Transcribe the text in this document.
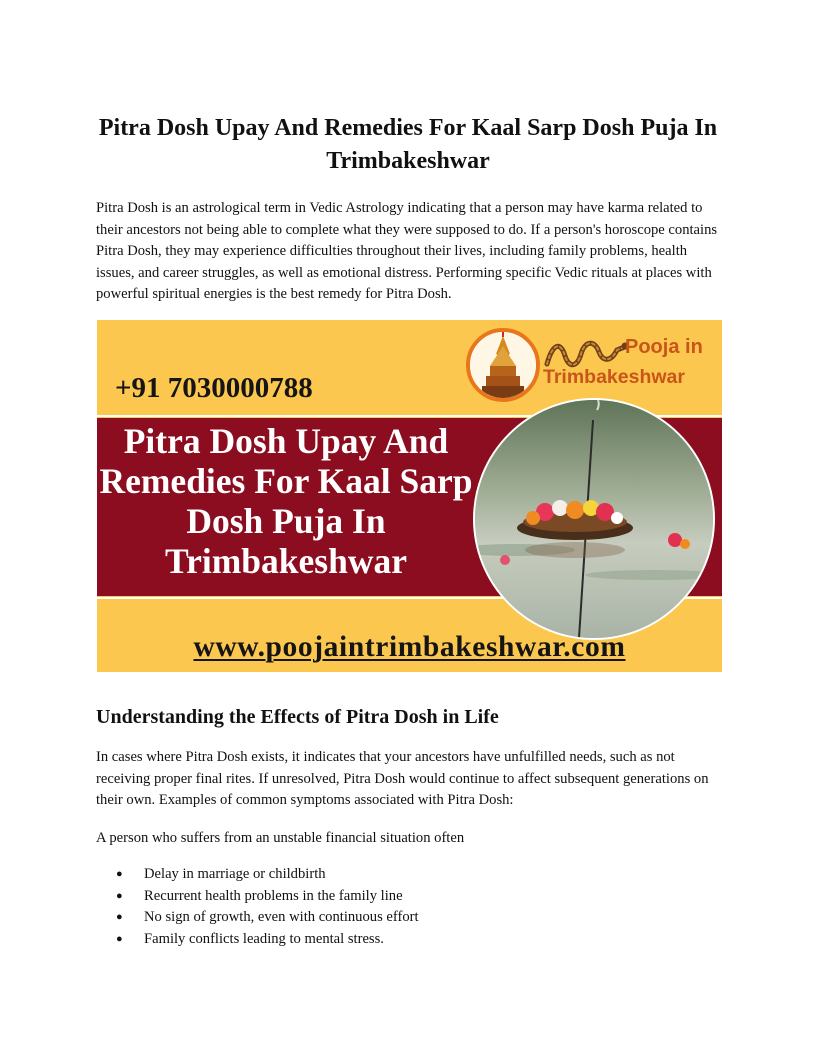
Pitra Dosh Upay And Remedies For Kaal Sarp Dosh Puja In Trimbakeshwar

Pitra Dosh is an astrological term in Vedic Astrology indicating that a person may have karma related to their ancestors not being able to complete what they were supposed to do. If a person's horoscope contains Pitra Dosh, they may experience difficulties throughout their lives, including family problems, health issues, and career struggles, as well as emotional distress. Performing specific Vedic rituals at places with powerful spiritual energies is the best remedy for Pitra Dosh.

+91 7030000788
Pooja in
Trimbakeshwar
Pitra Dosh Upay And Remedies For Kaal Sarp Dosh Puja In Trimbakeshwar
www.poojaintrimbakeshwar.com
Understanding the Effects of Pitra Dosh in Life

In cases where Pitra Dosh exists, it indicates that your ancestors have unfulfilled needs, such as not receiving proper final rites. If unresolved, Pitra Dosh would continue to affect subsequent generations on their own. Examples of common symptoms associated with Pitra Dosh:

A person who suffers from an unstable financial situation often

● Delay in marriage or childbirth
● Recurrent health problems in the family line
● No sign of growth, even with continuous effort
● Family conflicts leading to mental stress.
